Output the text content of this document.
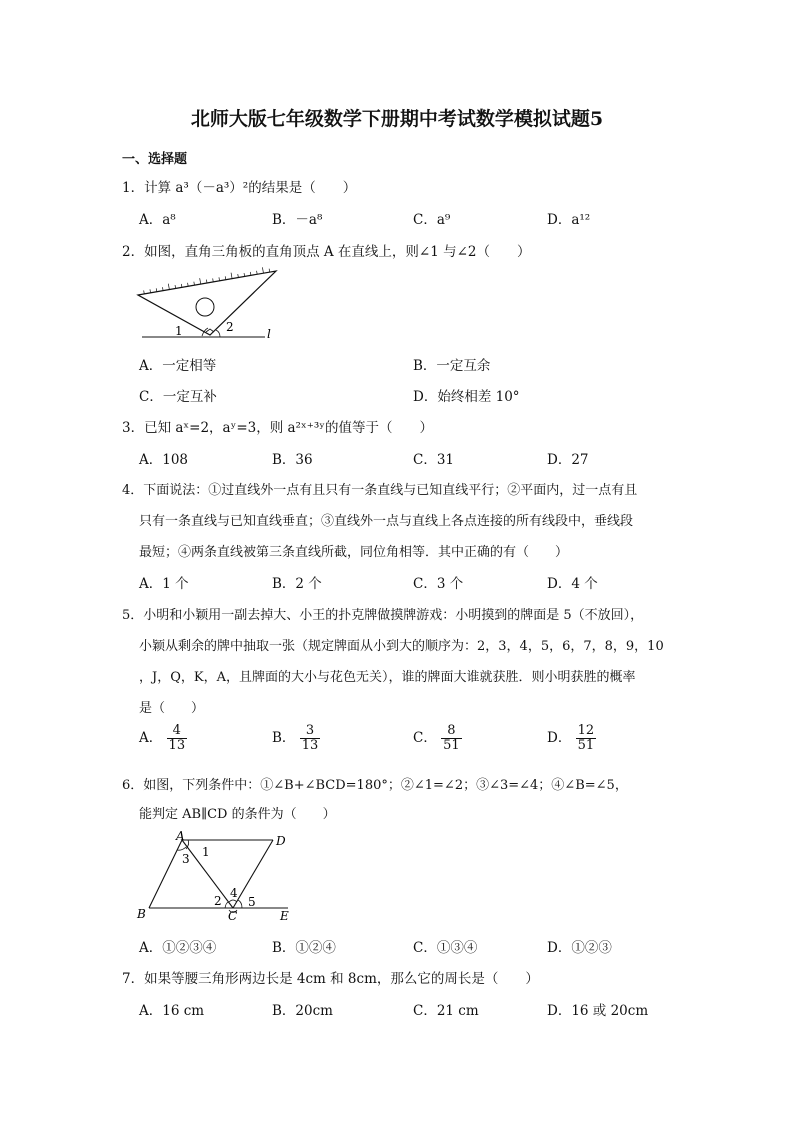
北师大版七年级数学下册期中考试数学模拟试题5
一、选择题
1．计算 a³（－a³）²的结果是（　　）
A．a⁸	B．－a⁸	C．a⁹	D．a¹²
2．如图，直角三角板的直角顶点 A 在直线上，则∠1 与∠2（　　）
1	2	l
A．一定相等	B．一定互余
C．一定互补	D．始终相差 10°
3．已知 aˣ=2，aʸ=3，则 a²ˣ⁺³ʸ的值等于（　　）
A．108	B．36	C．31	D．27
4．下面说法：①过直线外一点有且只有一条直线与已知直线平行；②平面内，过一点有且
只有一条直线与已知直线垂直；③直线外一点与直线上各点连接的所有线段中，垂线段
最短；④两条直线被第三条直线所截，同位角相等．其中正确的有（　　）
A．1 个	B．2 个	C．3 个	D．4 个
5．小明和小颖用一副去掉大、小王的扑克牌做摸牌游戏：小明摸到的牌面是 5（不放回），
小颖从剩余的牌中抽取一张（规定牌面从小到大的顺序为：2，3，4，5，6，7，8，9，10
，J，Q，K，A，且牌面的大小与花色无关），谁的牌面大谁就获胜．则小明获胜的概率
是（　　）
A． $\frac{4}{13}$	B． $\frac{3}{13}$	C． $\frac{8}{51}$	D． $\frac{12}{51}$
6．如图，下列条件中：①∠B+∠BCD=180°；②∠1=∠2；③∠3=∠4；④∠B=∠5，
能判定 AB∥CD 的条件为（　　）
A	D
B	C	E
1
3
2
4
5
A．①②③④	B．①②④	C．①③④	D．①②③
7．如果等腰三角形两边长是 4cm 和 8cm，那么它的周长是（　　）
A．16 cm	B．20cm	C．21 cm	D．16 或 20cm
